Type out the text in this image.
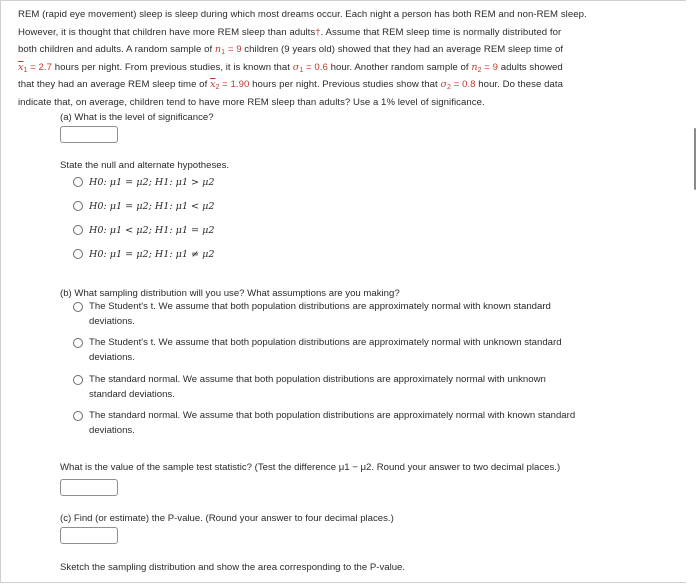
REM (rapid eye movement) sleep is sleep during which most dreams occur. Each night a person has both REM and non-REM sleep.
However, it is thought that children have more REM sleep than adults†. Assume that REM sleep time is normally distributed for
both children and adults. A random sample of $n_1 = 9$ children (9 years old) showed that they had an average REM sleep time of
$\overline{x}_1 = 2.7$ hours per night. From previous studies, it is known that $\sigma_1 = 0.6$ hour. Another random sample of $n_2 = 9$ adults showed
that they had an average REM sleep time of $\overline{x}_2 = 1.90$ hours per night. Previous studies show that $\sigma_2 = 0.8$ hour. Do these data
indicate that, on average, children tend to have more REM sleep than adults? Use a 1% level of significance.
(a) What is the level of significance?
State the null and alternate hypotheses.
H0: μ1 = μ2; H1: μ1 > μ2
H0: μ1 = μ2; H1: μ1 < μ2
H0: μ1 < μ2; H1: μ1 = μ2
H0: μ1 = μ2; H1: μ1 ≠ μ2
(b) What sampling distribution will you use? What assumptions are you making?
The Student's t. We assume that both population distributions are approximately normal with known standard
deviations.
The Student's t. We assume that both population distributions are approximately normal with unknown standard
deviations.
The standard normal. We assume that both population distributions are approximately normal with unknown
standard deviations.
The standard normal. We assume that both population distributions are approximately normal with known standard
deviations.
What is the value of the sample test statistic? (Test the difference μ1 − μ2. Round your answer to two decimal places.)
(c) Find (or estimate) the P-value. (Round your answer to four decimal places.)
Sketch the sampling distribution and show the area corresponding to the P-value.
